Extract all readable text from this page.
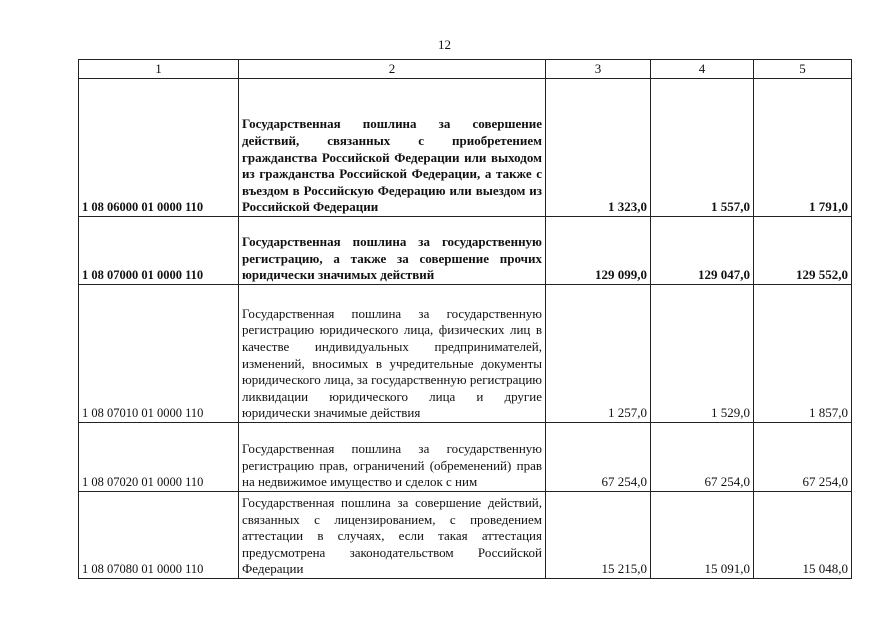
12
1	2	3	4	5
1 08 06000 01 0000 110	Государственная пошлина за совершение действий, связанных с приобретением гражданства Российской Федерации или выходом из гражданства Российской Федерации, а также с въездом в Российскую Федерацию или выездом из Российской Федерации	1 323,0	1 557,0	1 791,0
1 08 07000 01 0000 110	Государственная пошлина за государственную регистрацию, а также за совершение прочих юридически значимых действий	129 099,0	129 047,0	129 552,0
1 08 07010 01 0000 110	Государственная пошлина за государственную регистрацию юридического лица, физических лиц в качестве индивидуальных предпринимателей, изменений, вносимых в учредительные документы юридического лица, за государственную регистрацию ликвидации юридического лица и другие юридически значимые действия	1 257,0	1 529,0	1 857,0
1 08 07020 01 0000 110	Государственная пошлина за государственную регистрацию прав, ограничений (обременений) прав на недвижимое имущество и сделок с ним	67 254,0	67 254,0	67 254,0
1 08 07080 01 0000 110	Государственная пошлина за совершение действий, связанных с лицензированием, с проведением аттестации в случаях, если такая аттестация предусмотрена законодательством Российской Федерации	15 215,0	15 091,0	15 048,0
